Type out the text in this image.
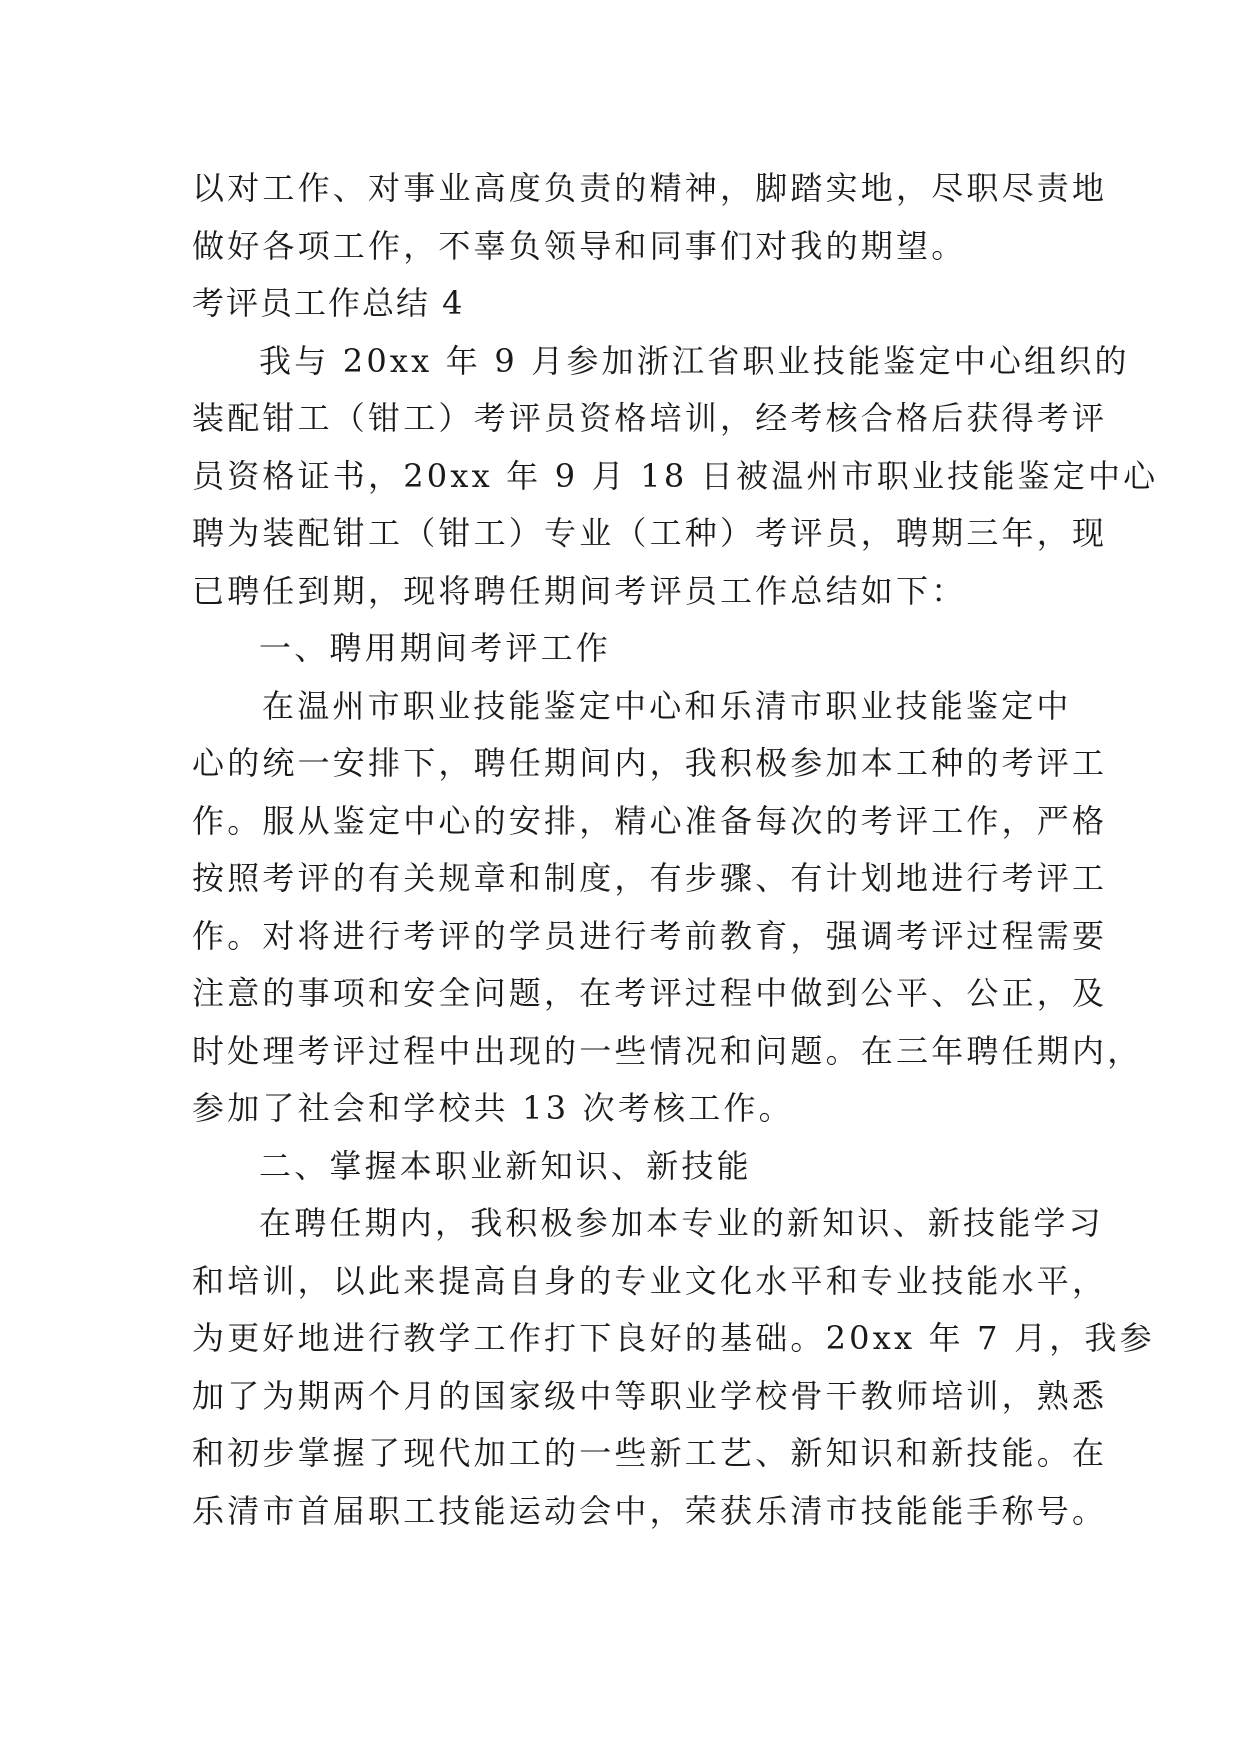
以对工作、对事业高度负责的精神，脚踏实地，尽职尽责地
做好各项工作，不辜负领导和同事们对我的期望。
考评员工作总结 4
我与 20xx 年 9 月参加浙江省职业技能鉴定中心组织的
装配钳工（钳工）考评员资格培训，经考核合格后获得考评
员资格证书，20xx 年 9 月 18 日被温州市职业技能鉴定中心
聘为装配钳工（钳工）专业（工种）考评员，聘期三年，现
已聘任到期，现将聘任期间考评员工作总结如下：
一、聘用期间考评工作
在温州市职业技能鉴定中心和乐清市职业技能鉴定中
心的统一安排下，聘任期间内，我积极参加本工种的考评工
作。服从鉴定中心的安排，精心准备每次的考评工作，严格
按照考评的有关规章和制度，有步骤、有计划地进行考评工
作。对将进行考评的学员进行考前教育，强调考评过程需要
注意的事项和安全问题，在考评过程中做到公平、公正，及
时处理考评过程中出现的一些情况和问题。在三年聘任期内，
参加了社会和学校共 13 次考核工作。
二、掌握本职业新知识、新技能
在聘任期内，我积极参加本专业的新知识、新技能学习
和培训，以此来提高自身的专业文化水平和专业技能水平，
为更好地进行教学工作打下良好的基础。20xx 年 7 月，我参
加了为期两个月的国家级中等职业学校骨干教师培训，熟悉
和初步掌握了现代加工的一些新工艺、新知识和新技能。在
乐清市首届职工技能运动会中，荣获乐清市技能能手称号。
